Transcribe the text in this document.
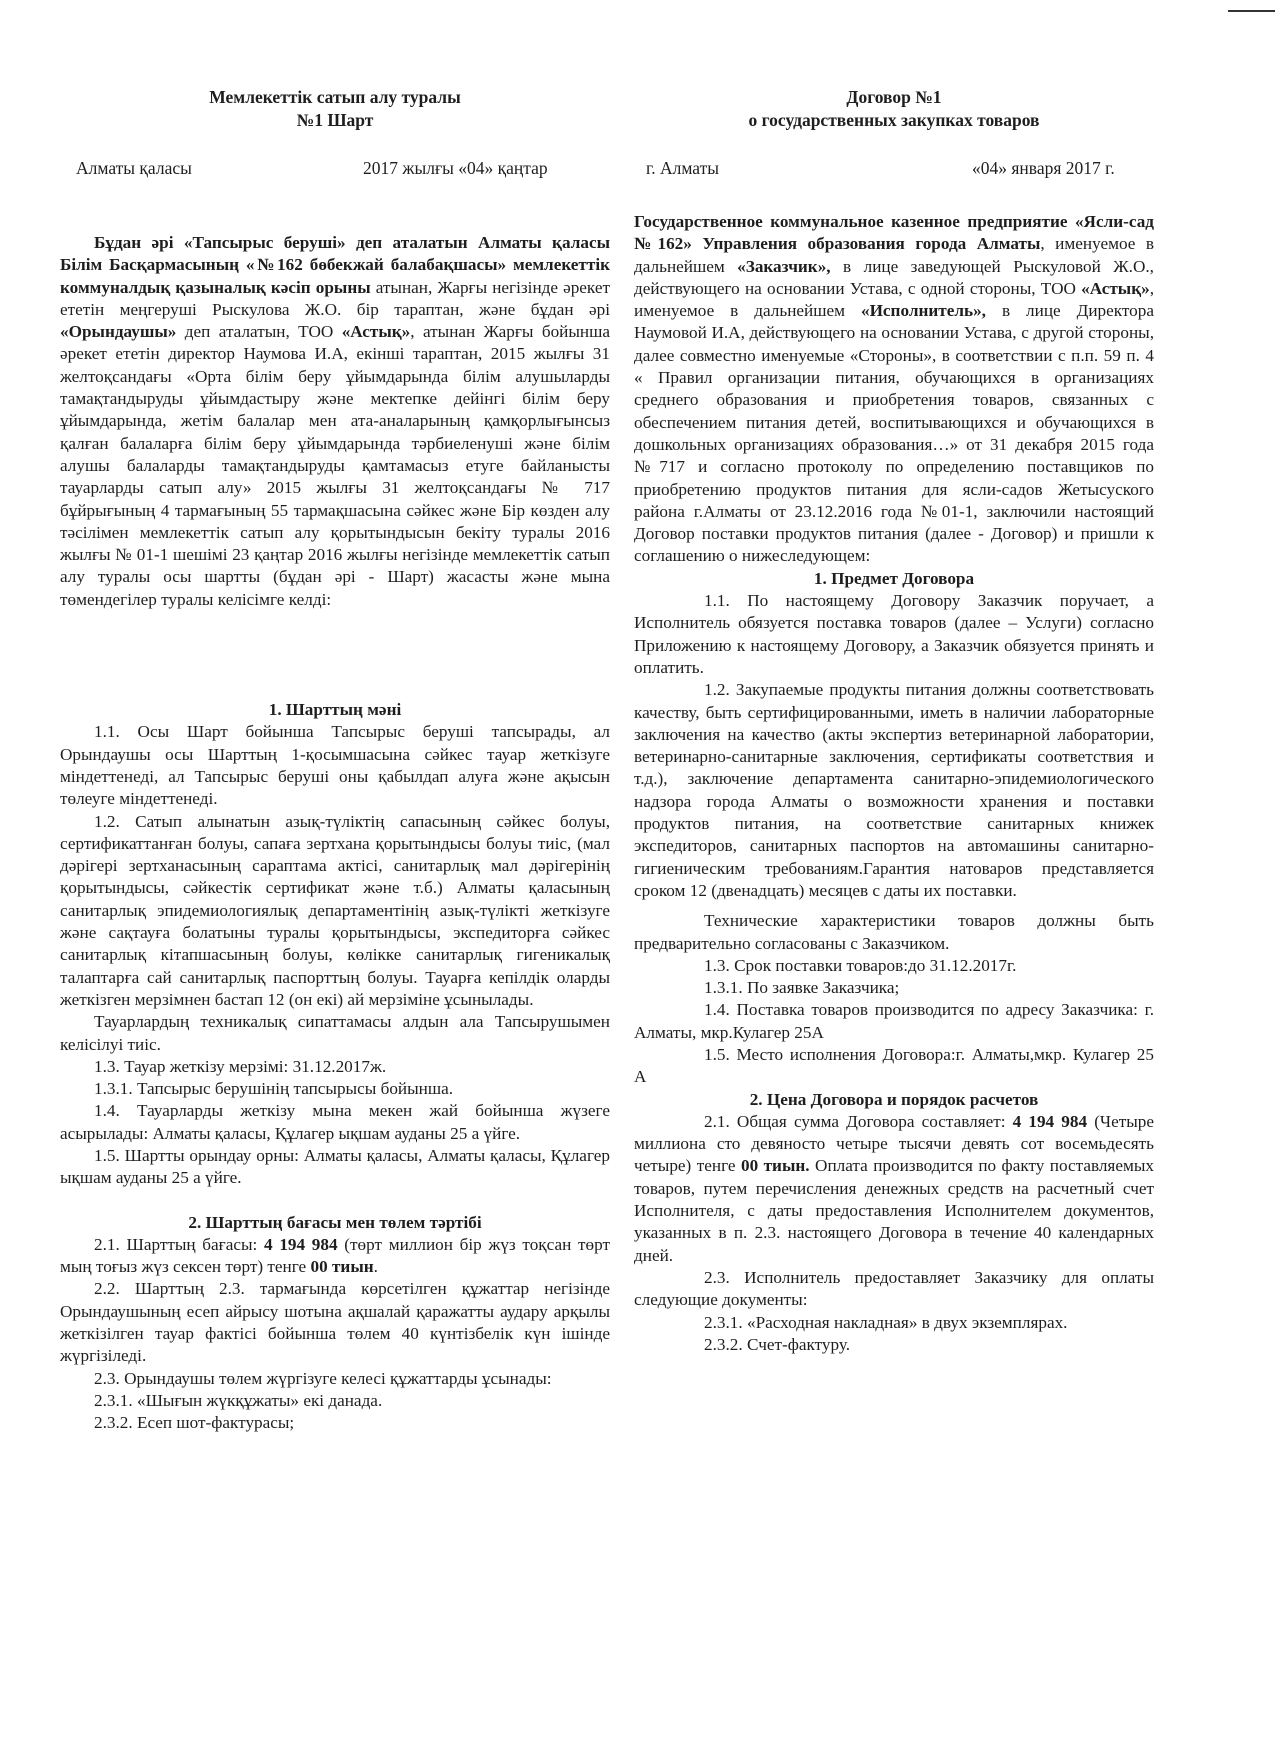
Мемлекеттік сатып алу туралы
№1 Шарт
Договор №1
о государственных закупках товаров
Алматы қаласы	2017 жылғы «04» қаңтар	г. Алматы	«04» января 2017 г.

Бұдан әрі «Тапсырыс беруші» деп аталатын Алматы қаласы Білім Басқармасының «№162 бөбекжай балабақшасы» мемлекеттік коммуналдық қазыналық кәсіп орыны атынан, Жарғы негізінде әрекет ететін меңгеруші Рыскулова Ж.О. бір тараптан, және бұдан әрі «Орындаушы» деп аталатын, ТОО «Астық», атынан Жарғы бойынша әрекет ететін директор Наумова И.А, екінші тараптан, 2015 жылғы 31 желтоқсандағы «Орта білім беру ұйымдарында білім алушыларды тамақтандыруды ұйымдастыру және мектепке дейінгі білім беру ұйымдарында, жетім балалар мен ата-аналарының қамқорлығынсыз қалған балаларға білім беру ұйымдарында тәрбиеленуші және білім алушы балаларды тамақтандыруды қамтамасыз етуге байланысты тауарларды сатып алу» 2015 жылғы 31 желтоқсандағы № 717 бұйрығының 4 тармағының 55 тармақшасына сәйкес және Бір көзден алу тәсілімен мемлекеттік сатып алу қорытындысын бекіту туралы 2016 жылғы № 01-1 шешімі 23 қаңтар 2016 жылғы негізінде мемлекеттік сатып алу туралы осы шартты (бұдан әрі - Шарт) жасасты және мына төмендегілер туралы келісімге келді:

1. Шарттың мәні

1.1. Осы Шарт бойынша Тапсырыс беруші тапсырады, ал Орындаушы осы Шарттың 1-қосымшасына сәйкес тауар жеткізуге міндеттенеді, ал Тапсырыс беруші оны қабылдап алуға және ақысын төлеуге міндеттенеді.

1.2. Сатып алынатын азық-түліктің сапасының сәйкес болуы, сертификаттанған болуы, сапаға зертхана қорытындысы болуы тиіс, (мал дәрігері зертханасының сараптама актісі, санитарлық мал дәрігерінің қорытындысы, сәйкестік сертификат және т.б.) Алматы қаласының санитарлық эпидемиологиялық департаментінің азық-түлікті жеткізуге және сақтауға болатыны туралы қорытындысы, экспедиторға сәйкес санитарлық кітапшасының болуы, көлікке санитарлық гигеникалық талаптарға сай санитарлық паспорттың болуы. Тауарға кепілдік оларды жеткізген мерзімнен бастап 12 (он екі) ай мерзіміне ұсынылады.

Тауарлардың техникалық сипаттамасы алдын ала Тапсырушымен келісілуі тиіс.

1.3. Тауар жеткізу мерзімі: 31.12.2017ж.

1.3.1. Тапсырыс берушінің тапсырысы бойынша.

1.4. Тауарларды жеткізу мына мекен жай бойынша жүзеге асырылады: Алматы қаласы, Құлагер ықшам ауданы 25 а үйге.

1.5. Шартты орындау орны: Алматы қаласы, Алматы қаласы, Құлагер ықшам ауданы 25 а үйге.

2. Шарттың бағасы мен төлем тәртібі

2.1. Шарттың бағасы: 4 194 984 (төрт миллион бір жүз тоқсан төрт мың тоғыз жүз сексен төрт) тенге 00 тиын.

2.2. Шарттың 2.3. тармағында көрсетілген құжаттар негізінде Орындаушының есеп айрысу шотына ақшалай қаражатты аудару арқылы жеткізілген тауар фактісі бойынша төлем 40 күнтізбелік күн ішінде жүргізіледі.

2.3. Орындаушы төлем жүргізуге келесі құжаттарды ұсынады:

2.3.1. «Шығын жүкқұжаты» екі данада.

2.3.2. Есеп шот-фактурасы;

Государственное коммунальное казенное предприятие «Ясли-сад №162» Управления образования города Алматы, именуемое в дальнейшем «Заказчик», в лице заведующей Рыскуловой Ж.О., действующего на основании Устава, с одной стороны, ТОО «Астық», именуемое в дальнейшем «Исполнитель», в лице Директора Наумовой И.А, действующего на основании Устава, с другой стороны, далее совместно именуемые «Стороны», в соответствии с п.п. 59 п. 4 « Правил организации питания, обучающихся в организациях среднего образования и приобретения товаров, связанных с обеспечением питания детей, воспитывающихся и обучающихся в дошкольных организациях образования…» от 31 декабря 2015 года №717 и согласно протоколу по определению поставщиков по приобретению продуктов питания для ясли-садов Жетысуского района г.Алматы от 23.12.2016 года №01-1, заключили настоящий Договор поставки продуктов питания (далее - Договор) и пришли к соглашению о нижеследующем:

1. Предмет Договора

1.1. По настоящему Договору Заказчик поручает, а Исполнитель обязуется поставка товаров (далее – Услуги) согласно Приложению к настоящему Договору, а Заказчик обязуется принять и оплатить.

1.2. Закупаемые продукты питания должны соответствовать качеству, быть сертифицированными, иметь в наличии лабораторные заключения на качество (акты экспертиз ветеринарной лаборатории, ветеринарно-санитарные заключения, сертификаты соответствия и т.д.), заключение департамента санитарно-эпидемиологического надзора города Алматы о возможности хранения и поставки продуктов питания, на соответствие санитарных книжек экспедиторов, санитарных паспортов на автомашины санитарно-гигиеническим требованиям.Гарантия натоваров представляется сроком 12 (двенадцать) месяцев с даты их поставки.

Технические характеристики товаров должны быть предварительно согласованы с Заказчиком.

1.3. Срок поставки товаров:до 31.12.2017г.

1.3.1. По заявке Заказчика;

1.4. Поставка товаров производится по адресу Заказчика: г. Алматы, мкр.Кулагер 25А

1.5. Место исполнения Договора:г. Алматы,мкр. Кулагер 25 А

2. Цена Договора и порядок расчетов

2.1. Общая сумма Договора составляет: 4 194 984 (Четыре миллиона сто девяносто четыре тысячи девять сот восемьдесять четыре) тенге 00 тиын. Оплата производится по факту поставляемых товаров, путем перечисления денежных средств на расчетный счет Исполнителя, с даты предоставления Исполнителем документов, указанных в п. 2.3. настоящего Договора в течение 40 календарных дней.

2.3. Исполнитель предоставляет Заказчику для оплаты следующие документы:

2.3.1. «Расходная накладная» в двух экземплярах.

2.3.2. Счет-фактуру.
